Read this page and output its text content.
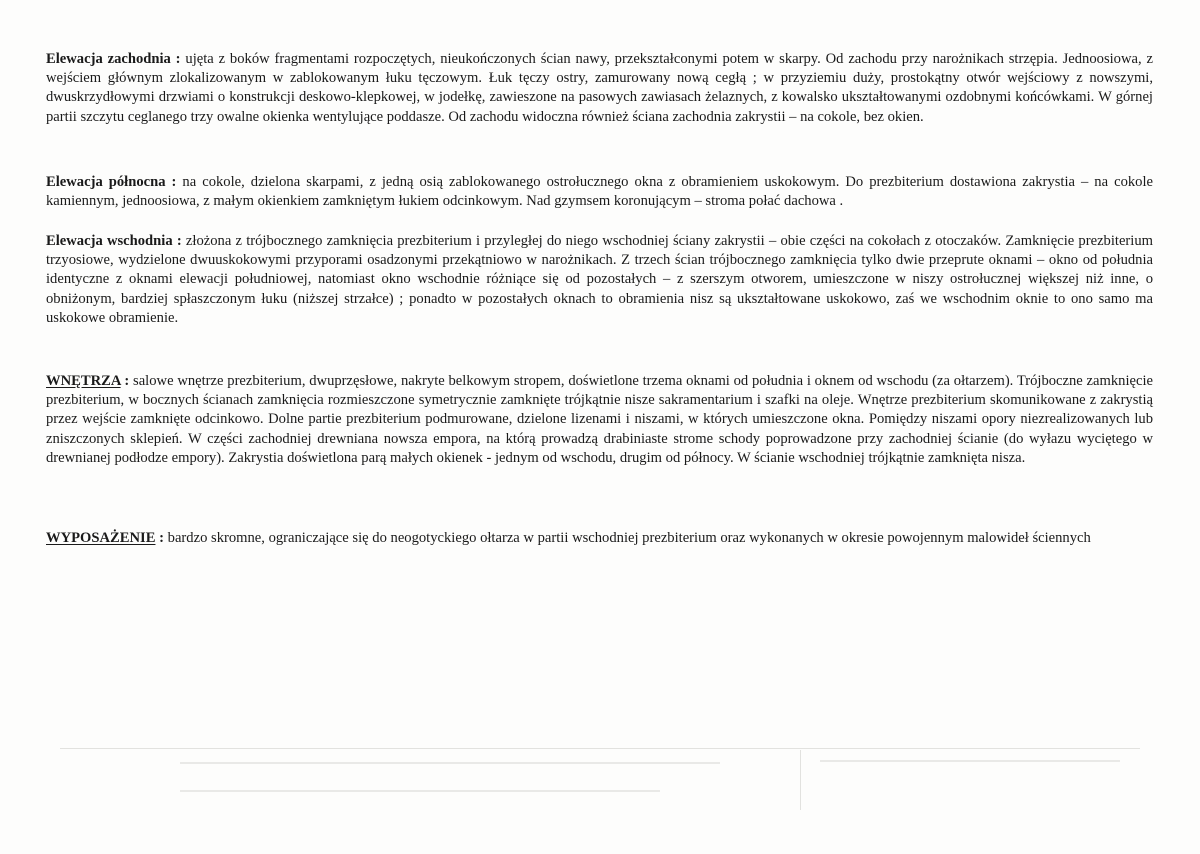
Elewacja zachodnia : ujęta z boków fragmentami rozpoczętych, nieukończonych ścian nawy, przekształconymi potem w skarpy. Od zachodu przy narożnikach strzępia. Jednoosiowa, z wejściem głównym zlokalizowanym w zablokowanym łuku tęczowym. Łuk tęczy ostry, zamurowany nową cegłą ; w przyziemiu duży, prostokątny otwór wejściowy z nowszymi, dwuskrzydłowymi drzwiami o konstrukcji deskowo-klepkowej, w jodełkę, zawieszone na pasowych zawiasach żelaznych, z kowalsko ukształtowanymi ozdobnymi końcówkami. W górnej partii szczytu ceglanego trzy owalne okienka wentylujące poddasze. Od zachodu widoczna również ściana zachodnia zakrystii – na cokole, bez okien.

Elewacja północna : na cokole, dzielona skarpami, z jedną osią zablokowanego ostrołucznego okna z obramieniem uskokowym. Do prezbiterium dostawiona zakrystia – na cokole kamiennym, jednoosiowa, z małym okienkiem zamkniętym łukiem odcinkowym. Nad gzymsem koronującym – stroma połać dachowa .

Elewacja wschodnia : złożona z trójbocznego zamknięcia prezbiterium i przyległej do niego wschodniej ściany zakrystii – obie części na cokołach z otoczaków. Zamknięcie prezbiterium trzyosiowe, wydzielone dwuuskokowymi przyporami osadzonymi przekątniowo w narożnikach. Z trzech ścian trójbocznego zamknięcia tylko dwie przeprute oknami – okno od południa identyczne z oknami elewacji południowej, natomiast okno wschodnie różniące się od pozostałych – z szerszym otworem, umieszczone w niszy ostrołucznej większej niż inne, o obniżonym, bardziej spłaszczonym łuku (niższej strzałce) ; ponadto w pozostałych oknach to obramienia nisz są ukształtowane uskokowo, zaś we wschodnim oknie to ono samo ma uskokowe obramienie.

WNĘTRZA : salowe wnętrze prezbiterium, dwuprzęsłowe, nakryte belkowym stropem, doświetlone trzema oknami od południa i oknem od wschodu (za ołtarzem). Trójboczne zamknięcie prezbiterium, w bocznych ścianach zamknięcia rozmieszczone symetrycznie zamknięte trójkątnie nisze sakramentarium i szafki na oleje. Wnętrze prezbiterium skomunikowane z zakrystią przez wejście zamknięte odcinkowo. Dolne partie prezbiterium podmurowane, dzielone lizenami i niszami, w których umieszczone okna. Pomiędzy niszami opory niezrealizowanych lub zniszczonych sklepień. W części zachodniej drewniana nowsza empora, na którą prowadzą drabiniaste strome schody poprowadzone przy zachodniej ścianie (do wyłazu wyciętego w drewnianej podłodze empory). Zakrystia doświetlona parą małych okienek - jednym od wschodu, drugim od północy. W ścianie wschodniej trójkątnie zamknięta nisza.

WYPOSAŻENIE : bardzo skromne, ograniczające się do neogotyckiego ołtarza w partii wschodniej prezbiterium oraz wykonanych w okresie powojennym malowideł ściennych
